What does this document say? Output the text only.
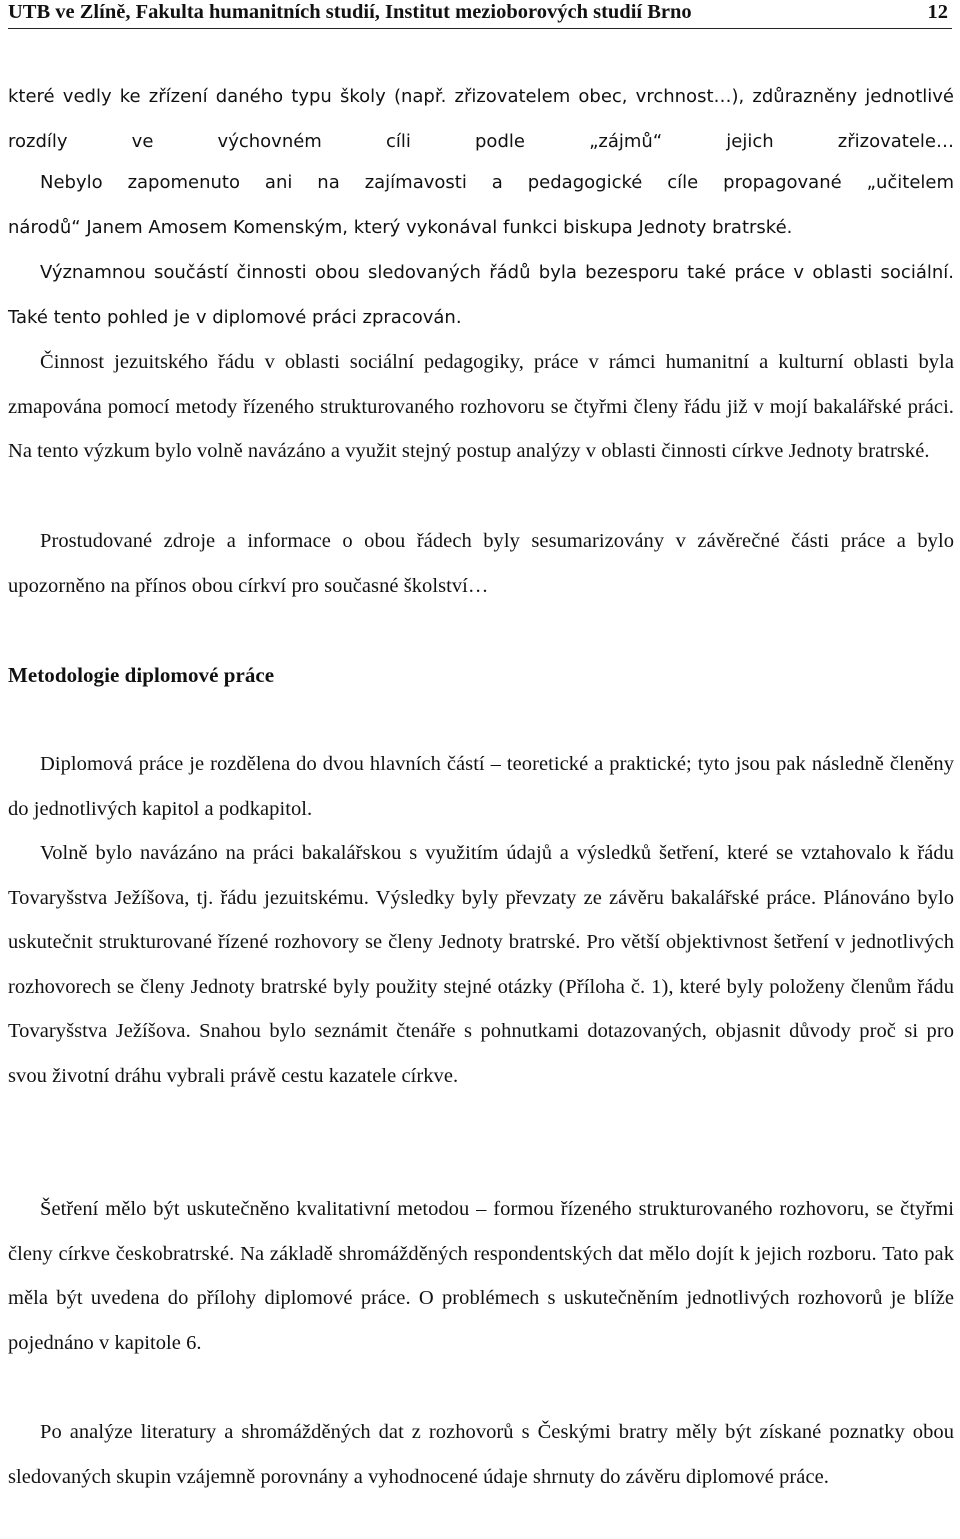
UTB ve Zlíně, Fakulta humanitních studií, Institut mezioborových studií Brno	12

které vedly ke zřízení daného typu školy (např. zřizovatelem obec, vrchnost…), zdůrazněny jednotlivé rozdíly ve výchovném cíli podle „zájmů“ jejich zřizovatele…

Nebylo zapomenuto ani na zajímavosti a pedagogické cíle propagované „učitelem
národů“ Janem Amosem Komenským, který vykonával funkci biskupa Jednoty bratrské.

Významnou součástí činnosti obou sledovaných řádů byla bezesporu také práce v oblasti sociální. Také tento pohled je v diplomové práci zpracován.

Činnost jezuitského řádu v oblasti sociální pedagogiky, práce v rámci humanitní a kulturní oblasti byla zmapována pomocí metody řízeného strukturovaného rozhovoru se čtyřmi členy řádu již v mojí bakalářské práci. Na tento výzkum bylo volně navázáno a využit stejný postup analýzy v oblasti činnosti církve Jednoty bratrské.

Prostudované zdroje a informace o obou řádech byly sesumarizovány v závěrečné části práce a bylo upozorněno na přínos obou církví pro současné školství…

Metodologie diplomové práce

Diplomová práce je rozdělena do dvou hlavních částí – teoretické a praktické; tyto jsou pak následně členěny do jednotlivých kapitol a podkapitol.

Volně bylo navázáno na práci bakalářskou s využitím údajů a výsledků šetření, které se vztahovalo k řádu Tovaryšstva Ježíšova, tj. řádu jezuitskému. Výsledky byly převzaty ze závěru bakalářské práce. Plánováno bylo uskutečnit strukturované řízené rozhovory se členy Jednoty bratrské. Pro větší objektivnost šetření v jednotlivých rozhovorech se členy Jednoty bratrské byly použity stejné otázky (Příloha č. 1), které byly položeny členům řádu Tovaryšstva Ježíšova. Snahou bylo seznámit čtenáře s pohnutkami dotazovaných, objasnit důvody proč si pro svou životní dráhu vybrali právě cestu kazatele církve.

Šetření mělo být uskutečněno kvalitativní metodou – formou řízeného strukturovaného rozhovoru, se čtyřmi členy církve českobratrské. Na základě shromážděných respondentských dat mělo dojít k jejich rozboru. Tato pak měla být uvedena do přílohy diplomové práce. O problémech s uskutečněním jednotlivých rozhovorů je blíže pojednáno v kapitole 6.

Po analýze literatury a shromážděných dat z rozhovorů s Českými bratry měly být získané poznatky obou sledovaných skupin vzájemně porovnány a vyhodnocené údaje shrnuty do závěru diplomové práce.
